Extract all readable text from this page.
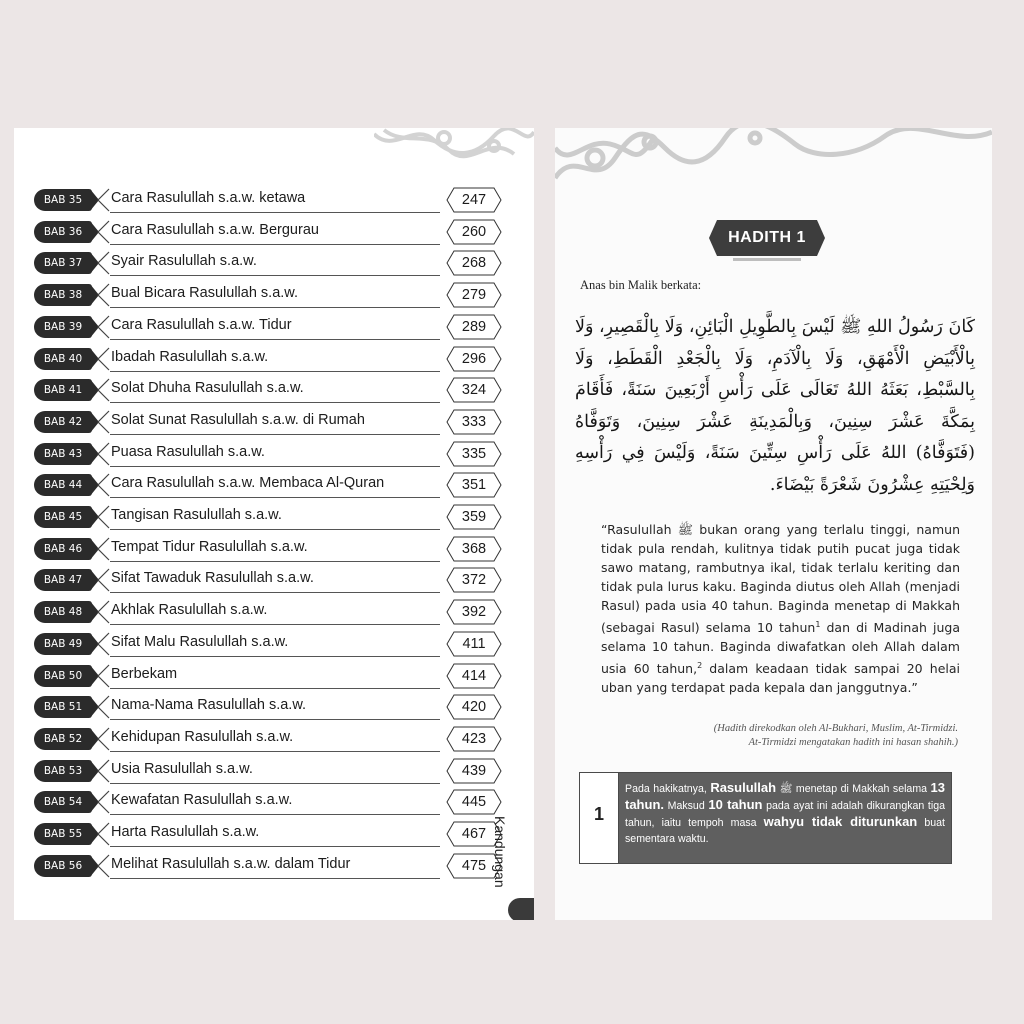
BAB 35	Cara Rasulullah s.a.w. ketawa	247
BAB 36	Cara Rasulullah s.a.w. Bergurau	260
BAB 37	Syair Rasulullah s.a.w.	268
BAB 38	Bual Bicara Rasulullah s.a.w.	279
BAB 39	Cara Rasulullah s.a.w. Tidur	289
BAB 40	Ibadah Rasulullah s.a.w.	296
BAB 41	Solat Dhuha Rasulullah s.a.w.	324
BAB 42	Solat Sunat Rasulullah s.a.w. di Rumah	333
BAB 43	Puasa Rasulullah s.a.w.	335
BAB 44	Cara Rasulullah s.a.w. Membaca Al-Quran	351
BAB 45	Tangisan Rasulullah s.a.w.	359
BAB 46	Tempat Tidur Rasulullah s.a.w.	368
BAB 47	Sifat Tawaduk Rasulullah s.a.w.	372
BAB 48	Akhlak Rasulullah s.a.w.	392
BAB 49	Sifat Malu Rasulullah s.a.w.	411
BAB 50	Berbekam	414
BAB 51	Nama-Nama Rasulullah s.a.w.	420
BAB 52	Kehidupan Rasulullah s.a.w.	423
BAB 53	Usia Rasulullah s.a.w.	439
BAB 54	Kewafatan Rasulullah s.a.w.	445
BAB 55	Harta Rasulullah s.a.w.	467
BAB 56	Melihat Rasulullah s.a.w. dalam Tidur	475 Kandungan
HADITH 1
Anas bin Malik berkata:
كَانَ رَسُولُ اللهِ ﷺ لَيْسَ بِالطَّوِيلِ الْبَائِنِ، وَلَا بِالْقَصِيرِ، وَلَا بِالْأَبْيَضِ الْأَمْهَقِ، وَلَا بِالْآدَمِ، وَلَا بِالْجَعْدِ الْقَطَطِ، وَلَا بِالسَّبْطِ، بَعَثَهُ اللهُ تَعَالَى عَلَى رَأْسِ أَرْبَعِينَ سَنَةً، فَأَقَامَ بِمَكَّةَ عَشْرَ سِنِينَ، وَبِالْمَدِينَةِ عَشْرَ سِنِينَ، وَتَوَفَّاهُ (فَتَوَفَّاهُ) اللهُ عَلَى رَأْسِ سِتِّينَ سَنَةً، وَلَيْسَ فِي رَأْسِهِ وَلِحْيَتِهِ عِشْرُونَ شَعْرَةً بَيْضَاءَ.
“Rasulullah ﷺ bukan orang yang terlalu tinggi, namun tidak pula rendah, kulitnya tidak putih pucat juga tidak sawo matang, rambutnya ikal, tidak terlalu keriting dan tidak pula lurus kaku. Baginda diutus oleh Allah (menjadi Rasul) pada usia 40 tahun. Baginda menetap di Makkah (sebagai Rasul) selama 10 tahun$^1$ dan di Madinah juga selama 10 tahun. Baginda diwafatkan oleh Allah dalam usia 60 tahun,$^2$ dalam keadaan tidak sampai 20 helai uban yang terdapat pada kepala dan janggutnya.”
(Hadith direkodkan oleh Al-Bukhari, Muslim, At-Tirmidzi.
At-Tirmidzi mengatakan hadith ini hasan shahih.)
1
Pada hakikatnya, Rasulullah ﷺ menetap di Makkah selama 13 tahun. Maksud 10 tahun pada ayat ini adalah dikurangkan tiga tahun, iaitu tempoh masa wahyu tidak diturunkan buat sementara waktu.
